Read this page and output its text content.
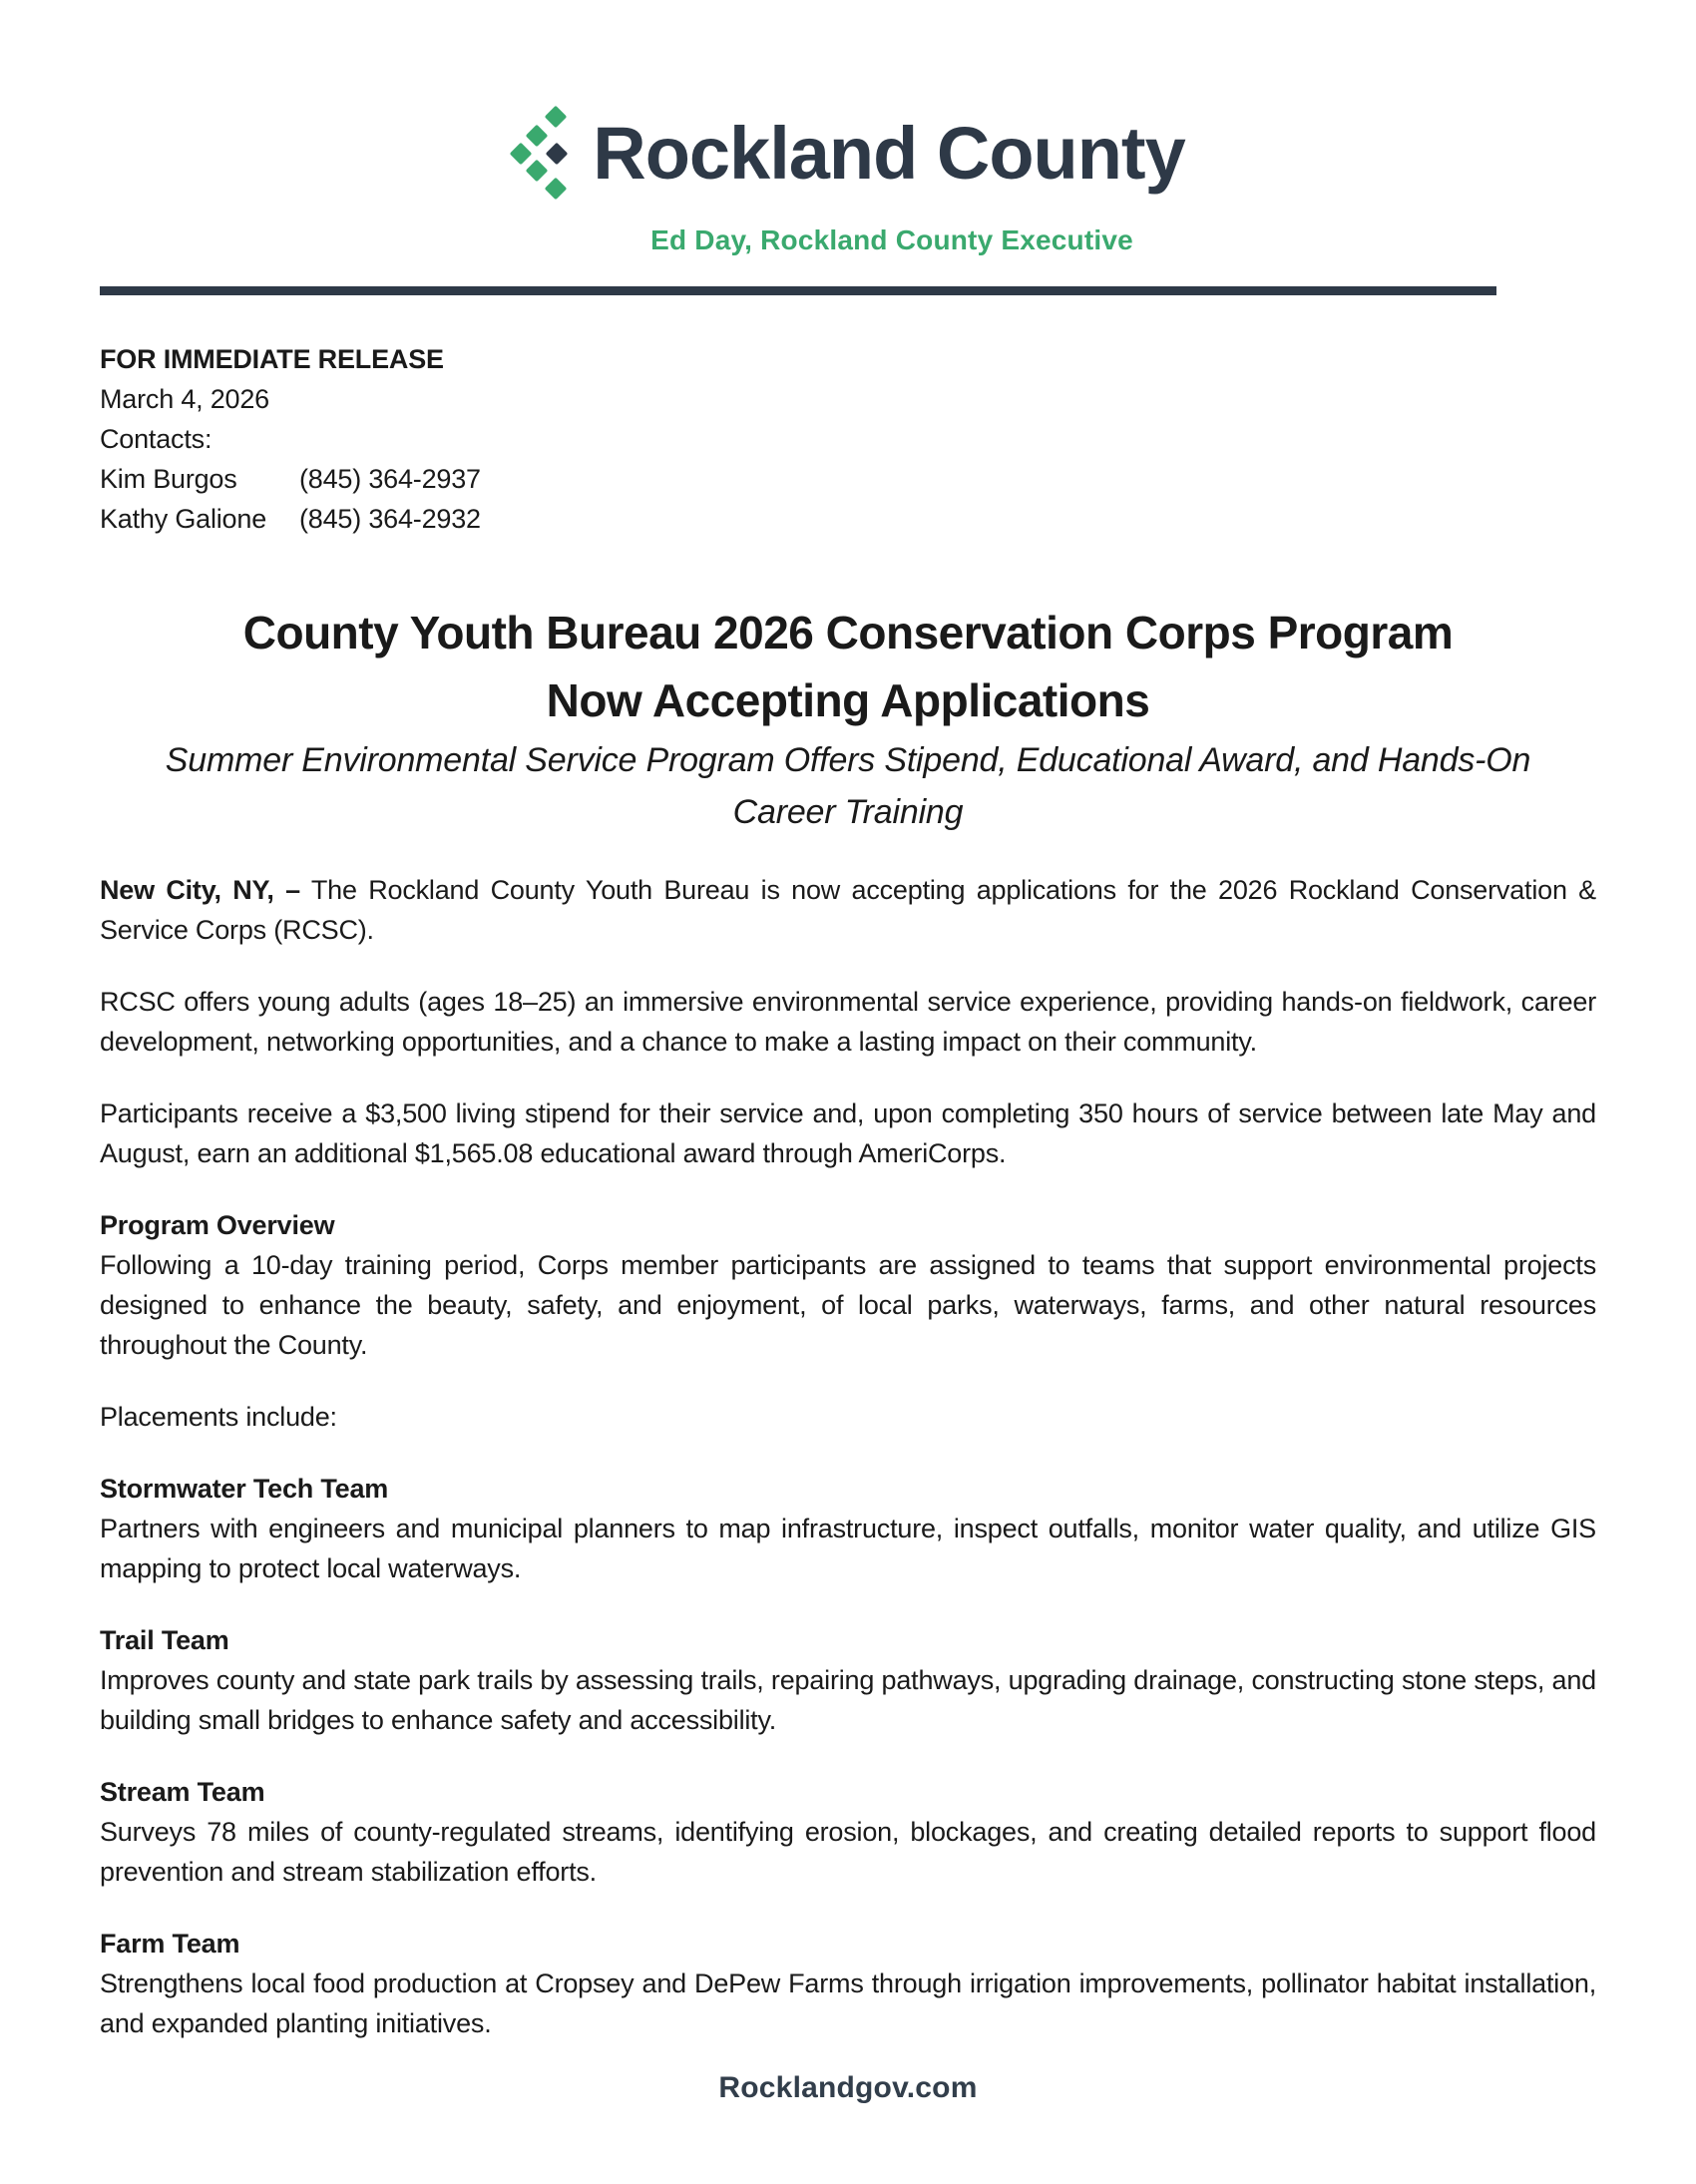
Rockland County
Ed Day, Rockland County Executive
FOR IMMEDIATE RELEASE
March 4, 2026
Contacts:
Kim Burgos	(845) 364-2937
Kathy Galione	(845) 364-2932
County Youth Bureau 2026 Conservation Corps Program
Now Accepting Applications
Summer Environmental Service Program Offers Stipend, Educational Award, and Hands-On Career Training

New City, NY, – The Rockland County Youth Bureau is now accepting applications for the 2026 Rockland Conservation & Service Corps (RCSC).

RCSC offers young adults (ages 18–25) an immersive environmental service experience, providing hands-on fieldwork, career development, networking opportunities, and a chance to make a lasting impact on their community.

Participants receive a $3,500 living stipend for their service and, upon completing 350 hours of service between late May and August, earn an additional $1,565.08 educational award through AmeriCorps.

Program Overview

Following a 10-day training period, Corps member participants are assigned to teams that support environmental projects designed to enhance the beauty, safety, and enjoyment, of local parks, waterways, farms, and other natural resources throughout the County.

Placements include:

Stormwater Tech Team

Partners with engineers and municipal planners to map infrastructure, inspect outfalls, monitor water quality, and utilize GIS mapping to protect local waterways.

Trail Team

Improves county and state park trails by assessing trails, repairing pathways, upgrading drainage, constructing stone steps, and building small bridges to enhance safety and accessibility.

Stream Team

Surveys 78 miles of county-regulated streams, identifying erosion, blockages, and creating detailed reports to support flood prevention and stream stabilization efforts.

Farm Team

Strengthens local food production at Cropsey and DePew Farms through irrigation improvements, pollinator habitat installation, and expanded planting initiatives.

Rocklandgov.com
